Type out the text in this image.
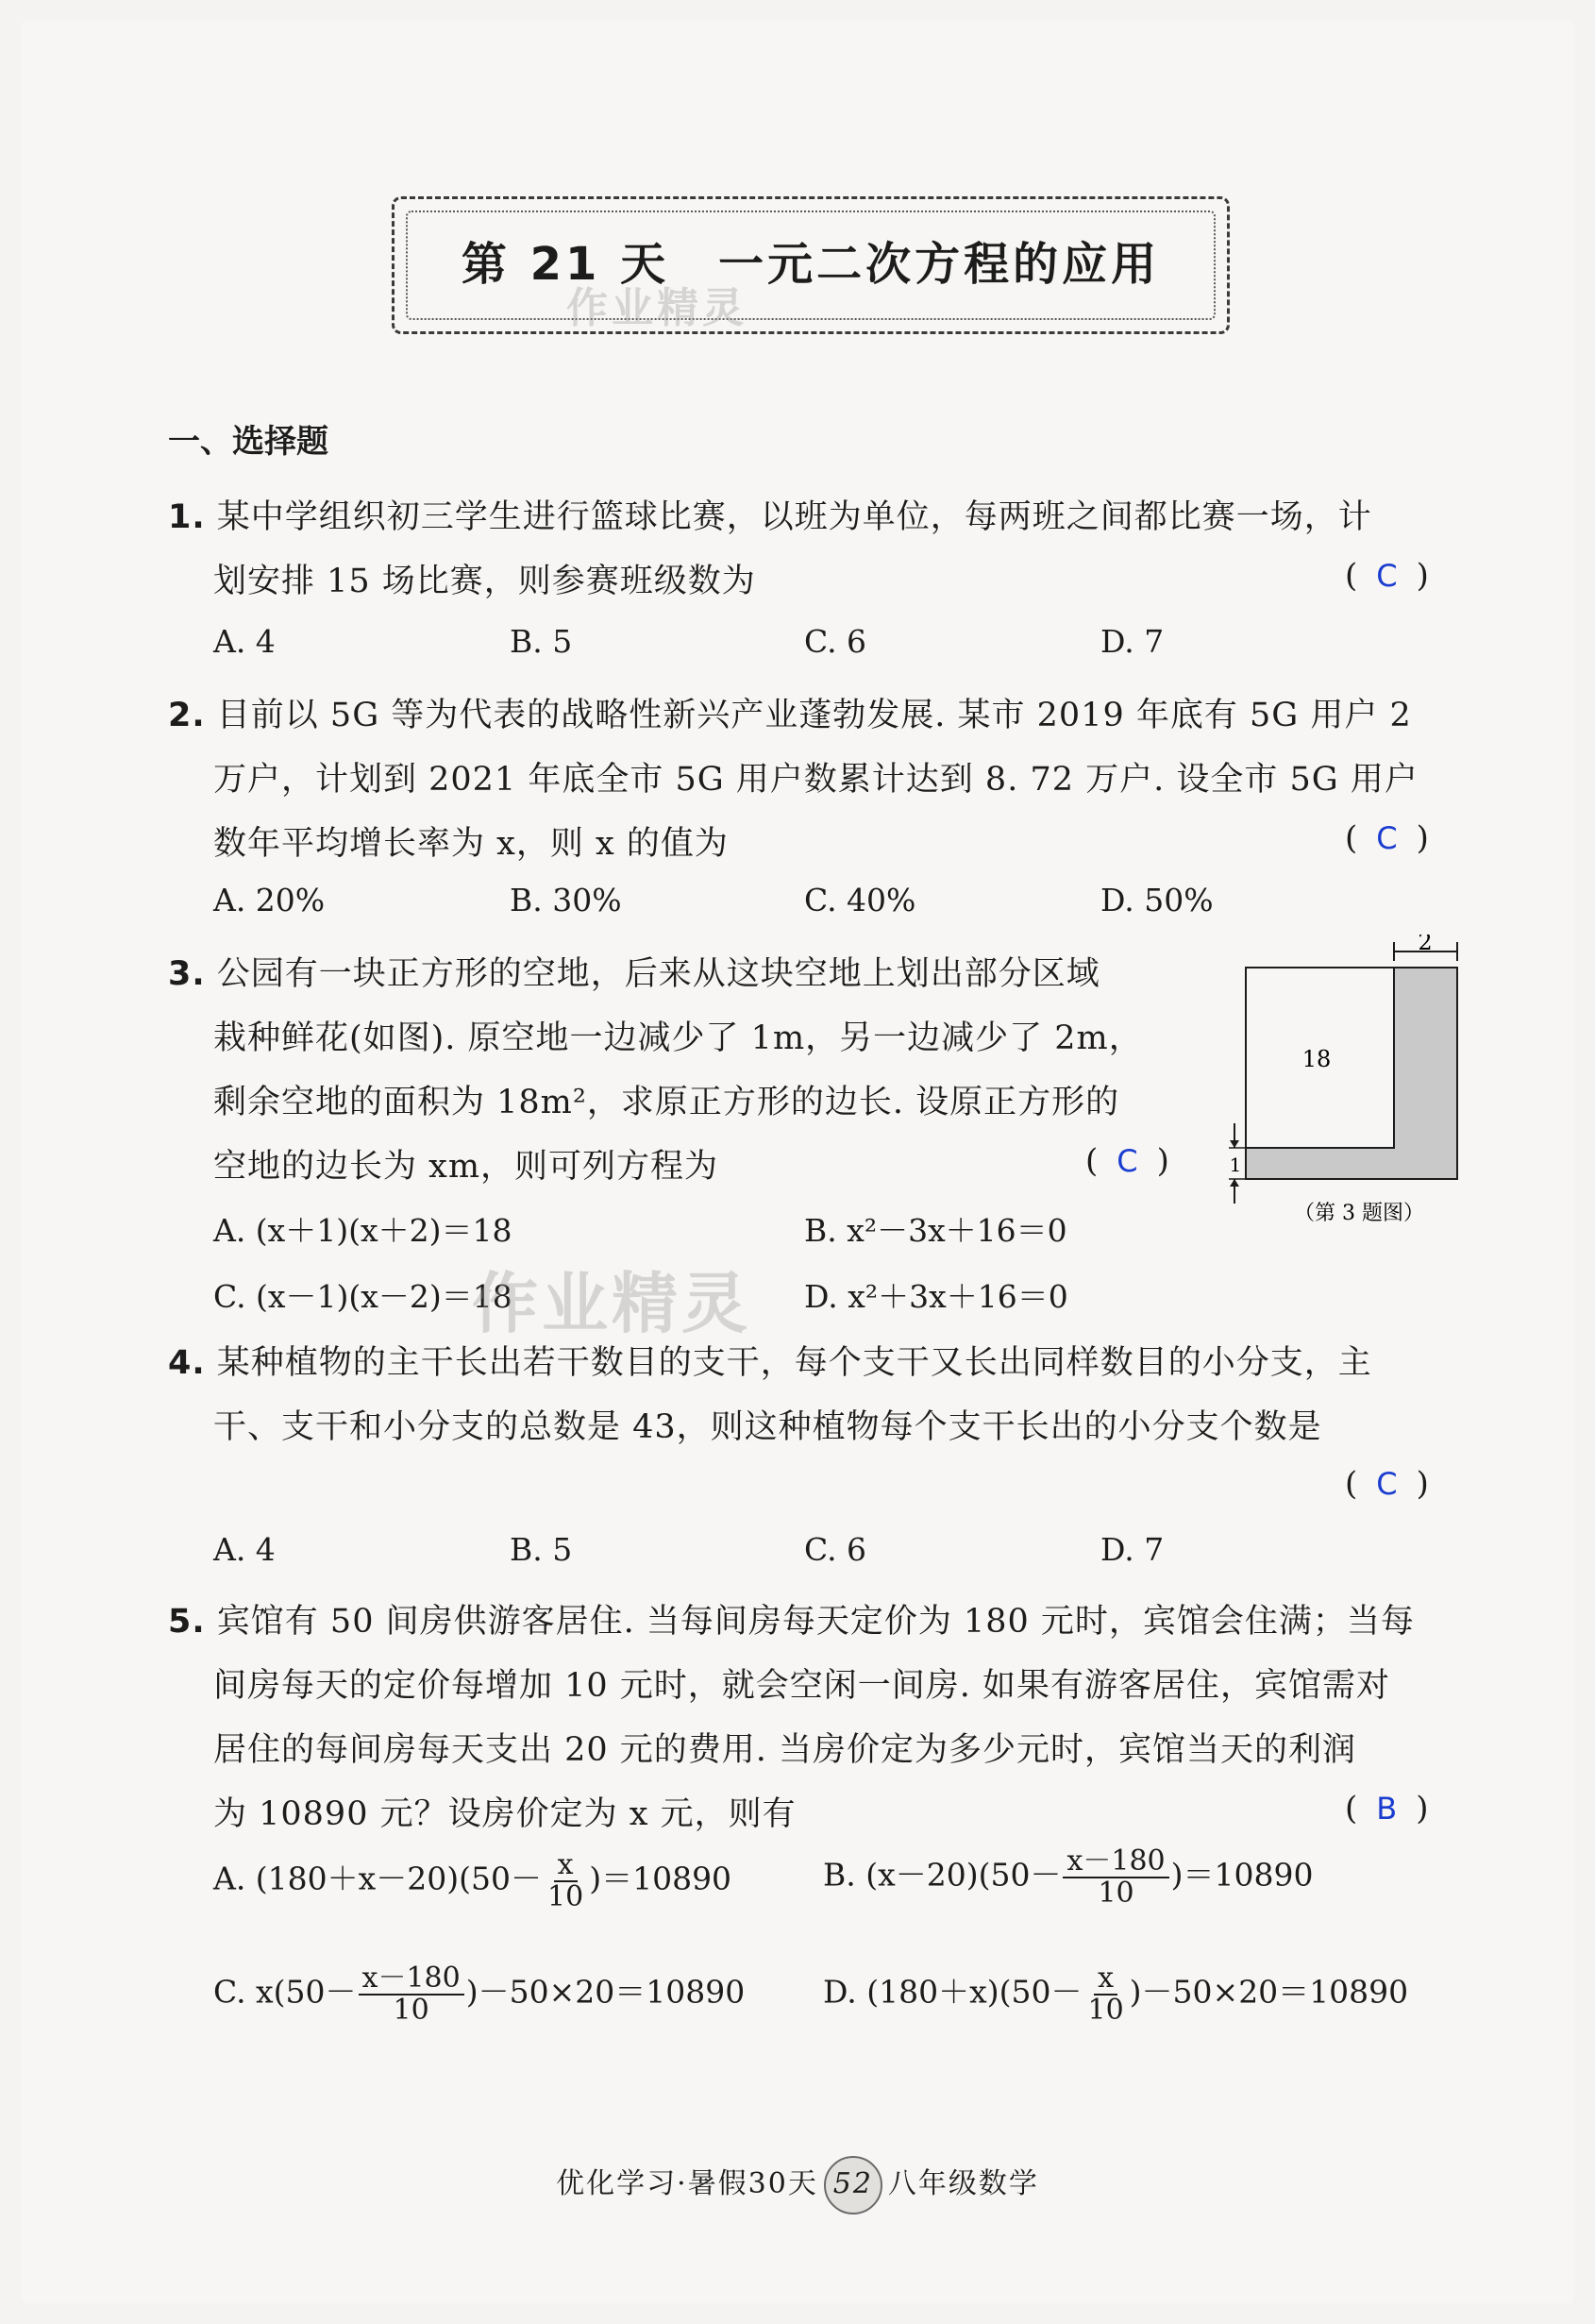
第 21 天　一元二次方程的应用
作业精灵
一、选择题
1. 某中学组织初三学生进行篮球比赛，以班为单位，每两班之间都比赛一场，计
划安排 15 场比赛，则参赛班级数为	( C )
A. 4	B. 5	C. 6	D. 7
2. 目前以 5G 等为代表的战略性新兴产业蓬勃发展. 某市 2019 年底有 5G 用户 2
万户，计划到 2021 年底全市 5G 用户数累计达到 8. 72 万户. 设全市 5G 用户
数年平均增长率为 x，则 x 的值为	( C )
A. 20%	B. 30%	C. 40%	D. 50%
3. 公园有一块正方形的空地，后来从这块空地上划出部分区域
栽种鲜花(如图). 原空地一边减少了 1m，另一边减少了 2m，
剩余空地的面积为 18m²，求原正方形的边长. 设原正方形的
空地的边长为 xm，则可列方程为	( C )
A. (x＋1)(x＋2)＝18	B. x²－3x＋16＝0
C. (x－1)(x－2)＝18	D. x²＋3x＋16＝0
作业精灵
2
18
1
（第 3 题图）
4. 某种植物的主干长出若干数目的支干，每个支干又长出同样数目的小分支，主
干、支干和小分支的总数是 43，则这种植物每个支干长出的小分支个数是
( C )
A. 4	B. 5	C. 6	D. 7
5. 宾馆有 50 间房供游客居住. 当每间房每天定价为 180 元时，宾馆会住满；当每
间房每天的定价每增加 10 元时，就会空闲一间房. 如果有游客居住，宾馆需对
居住的每间房每天支出 20 元的费用. 当房价定为多少元时，宾馆当天的利润
为 10890 元？设房价定为 x 元，则有	( B )
A. $(180+x-20)(50- \frac{x}{10} )=10890$	B. $(x-20)(50- \frac{x-180}{10} )=10890$
C. $x(50- \frac{x-180}{10} )-50\times 20=10890$	D. $(180+x)(50- \frac{x}{10} )-50\times 20=10890$
优化学习·暑假30天 52 八年级数学
